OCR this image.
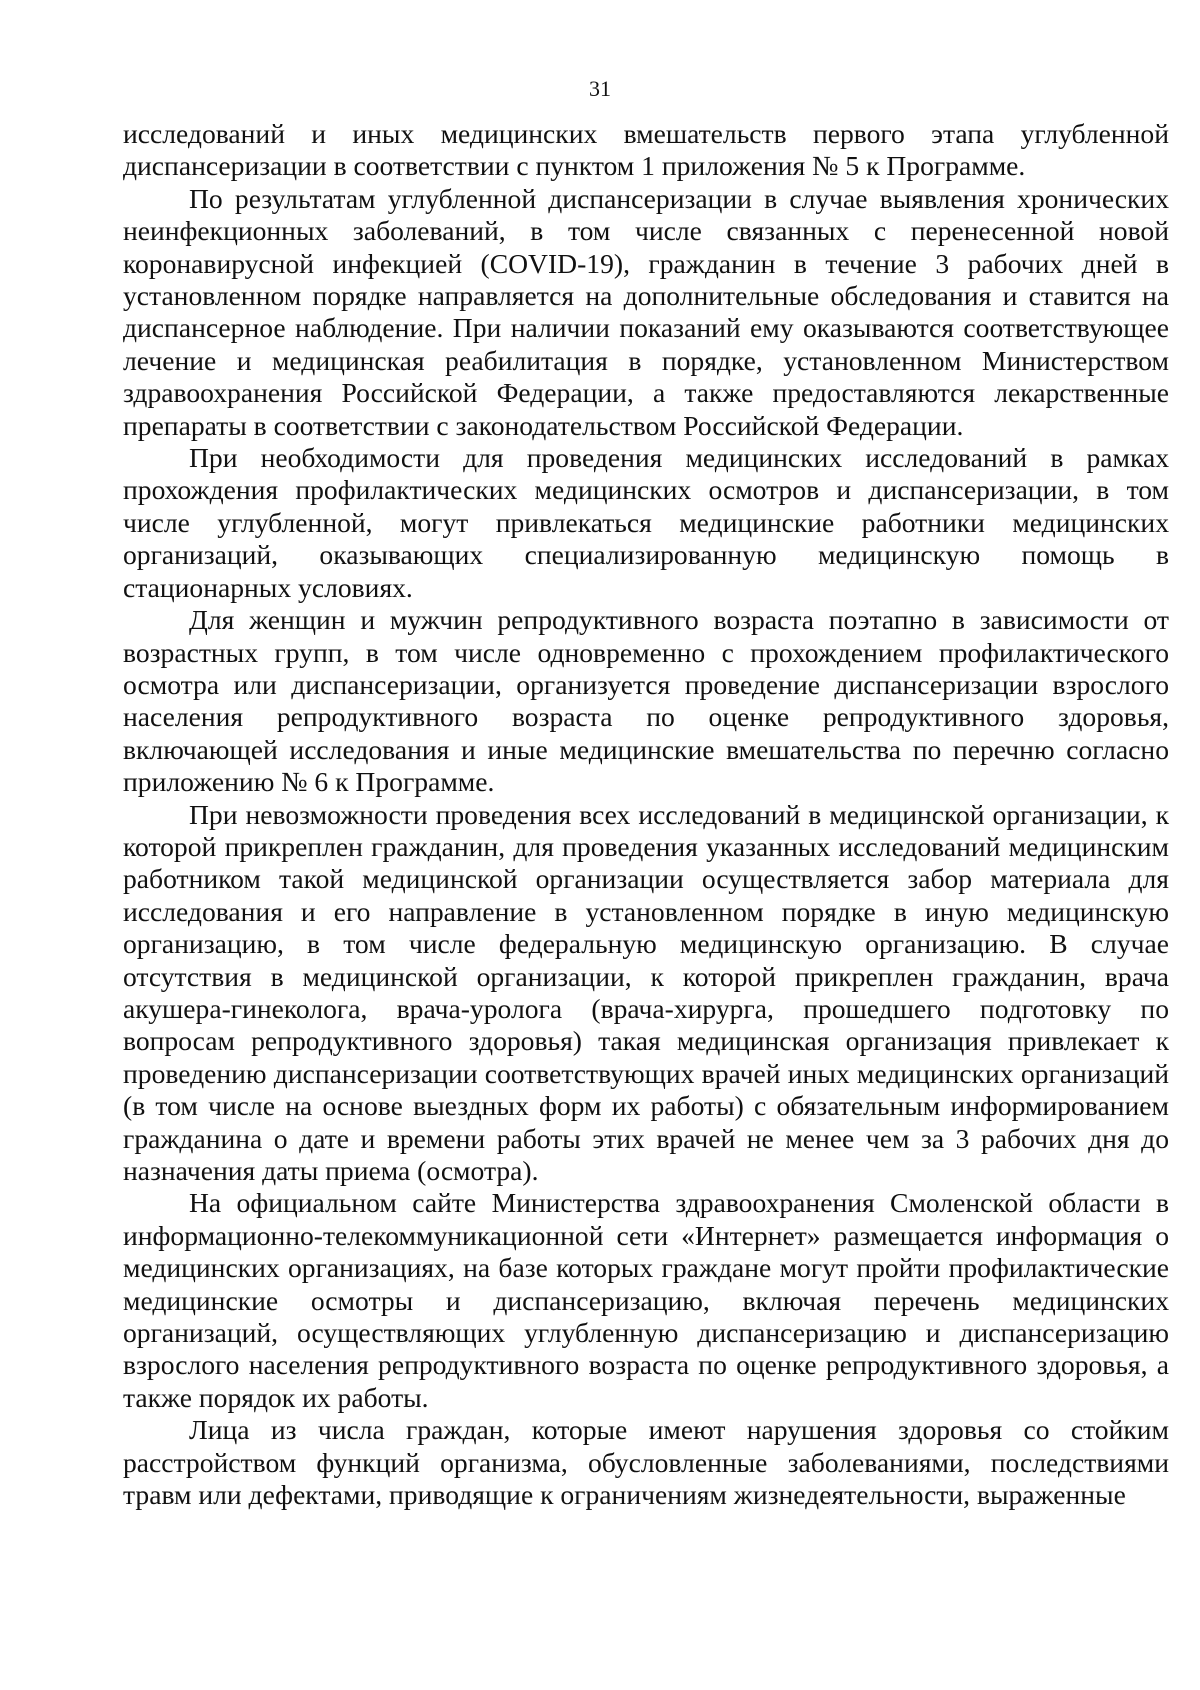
31

исследований и иных медицинских вмешательств первого этапа углубленной диспансеризации в соответствии с пунктом 1 приложения № 5 к Программе.

По результатам углубленной диспансеризации в случае выявления хронических неинфекционных заболеваний, в том числе связанных с перенесенной новой коронавирусной инфекцией (COVID-19), гражданин в течение 3 рабочих дней в установленном порядке направляется на дополнительные обследования и ставится на диспансерное наблюдение. При наличии показаний ему оказываются соответствующее лечение и медицинская реабилитация в порядке, установленном Министерством здравоохранения Российской Федерации, а также предоставляются лекарственные препараты в соответствии с законодательством Российской Федерации.

При необходимости для проведения медицинских исследований в рамках прохождения профилактических медицинских осмотров и диспансеризации, в том числе углубленной, могут привлекаться медицинские работники медицинских организаций, оказывающих специализированную медицинскую помощь в стационарных условиях.

Для женщин и мужчин репродуктивного возраста поэтапно в зависимости от возрастных групп, в том числе одновременно с прохождением профилактического осмотра или диспансеризации, организуется проведение диспансеризации взрослого населения репродуктивного возраста по оценке репродуктивного здоровья, включающей исследования и иные медицинские вмешательства по перечню согласно приложению № 6 к Программе.

При невозможности проведения всех исследований в медицинской организации, к которой прикреплен гражданин, для проведения указанных исследований медицинским работником такой медицинской организации осуществляется забор материала для исследования и его направление в установленном порядке в иную медицинскую организацию, в том числе федеральную медицинскую организацию. В случае отсутствия в медицинской организации, к которой прикреплен гражданин, врача акушера-гинеколога, врача-уролога (врача-хирурга, прошедшего подготовку по вопросам репродуктивного здоровья) такая медицинская организация привлекает к проведению диспансеризации соответствующих врачей иных медицинских организаций (в том числе на основе выездных форм их работы) с обязательным информированием гражданина о дате и времени работы этих врачей не менее чем за 3 рабочих дня до назначения даты приема (осмотра).

На официальном сайте Министерства здравоохранения Смоленской области в информационно-телекоммуникационной сети «Интернет» размещается информация о медицинских организациях, на базе которых граждане могут пройти профилактические медицинские осмотры и диспансеризацию, включая перечень медицинских организаций, осуществляющих углубленную диспансеризацию и диспансеризацию взрослого населения репродуктивного возраста по оценке репродуктивного здоровья, а также порядок их работы.

Лица из числа граждан, которые имеют нарушения здоровья со стойким расстройством функций организма, обусловленные заболеваниями, последствиями травм или дефектами, приводящие к ограничениям жизнедеятельности, выраженные
